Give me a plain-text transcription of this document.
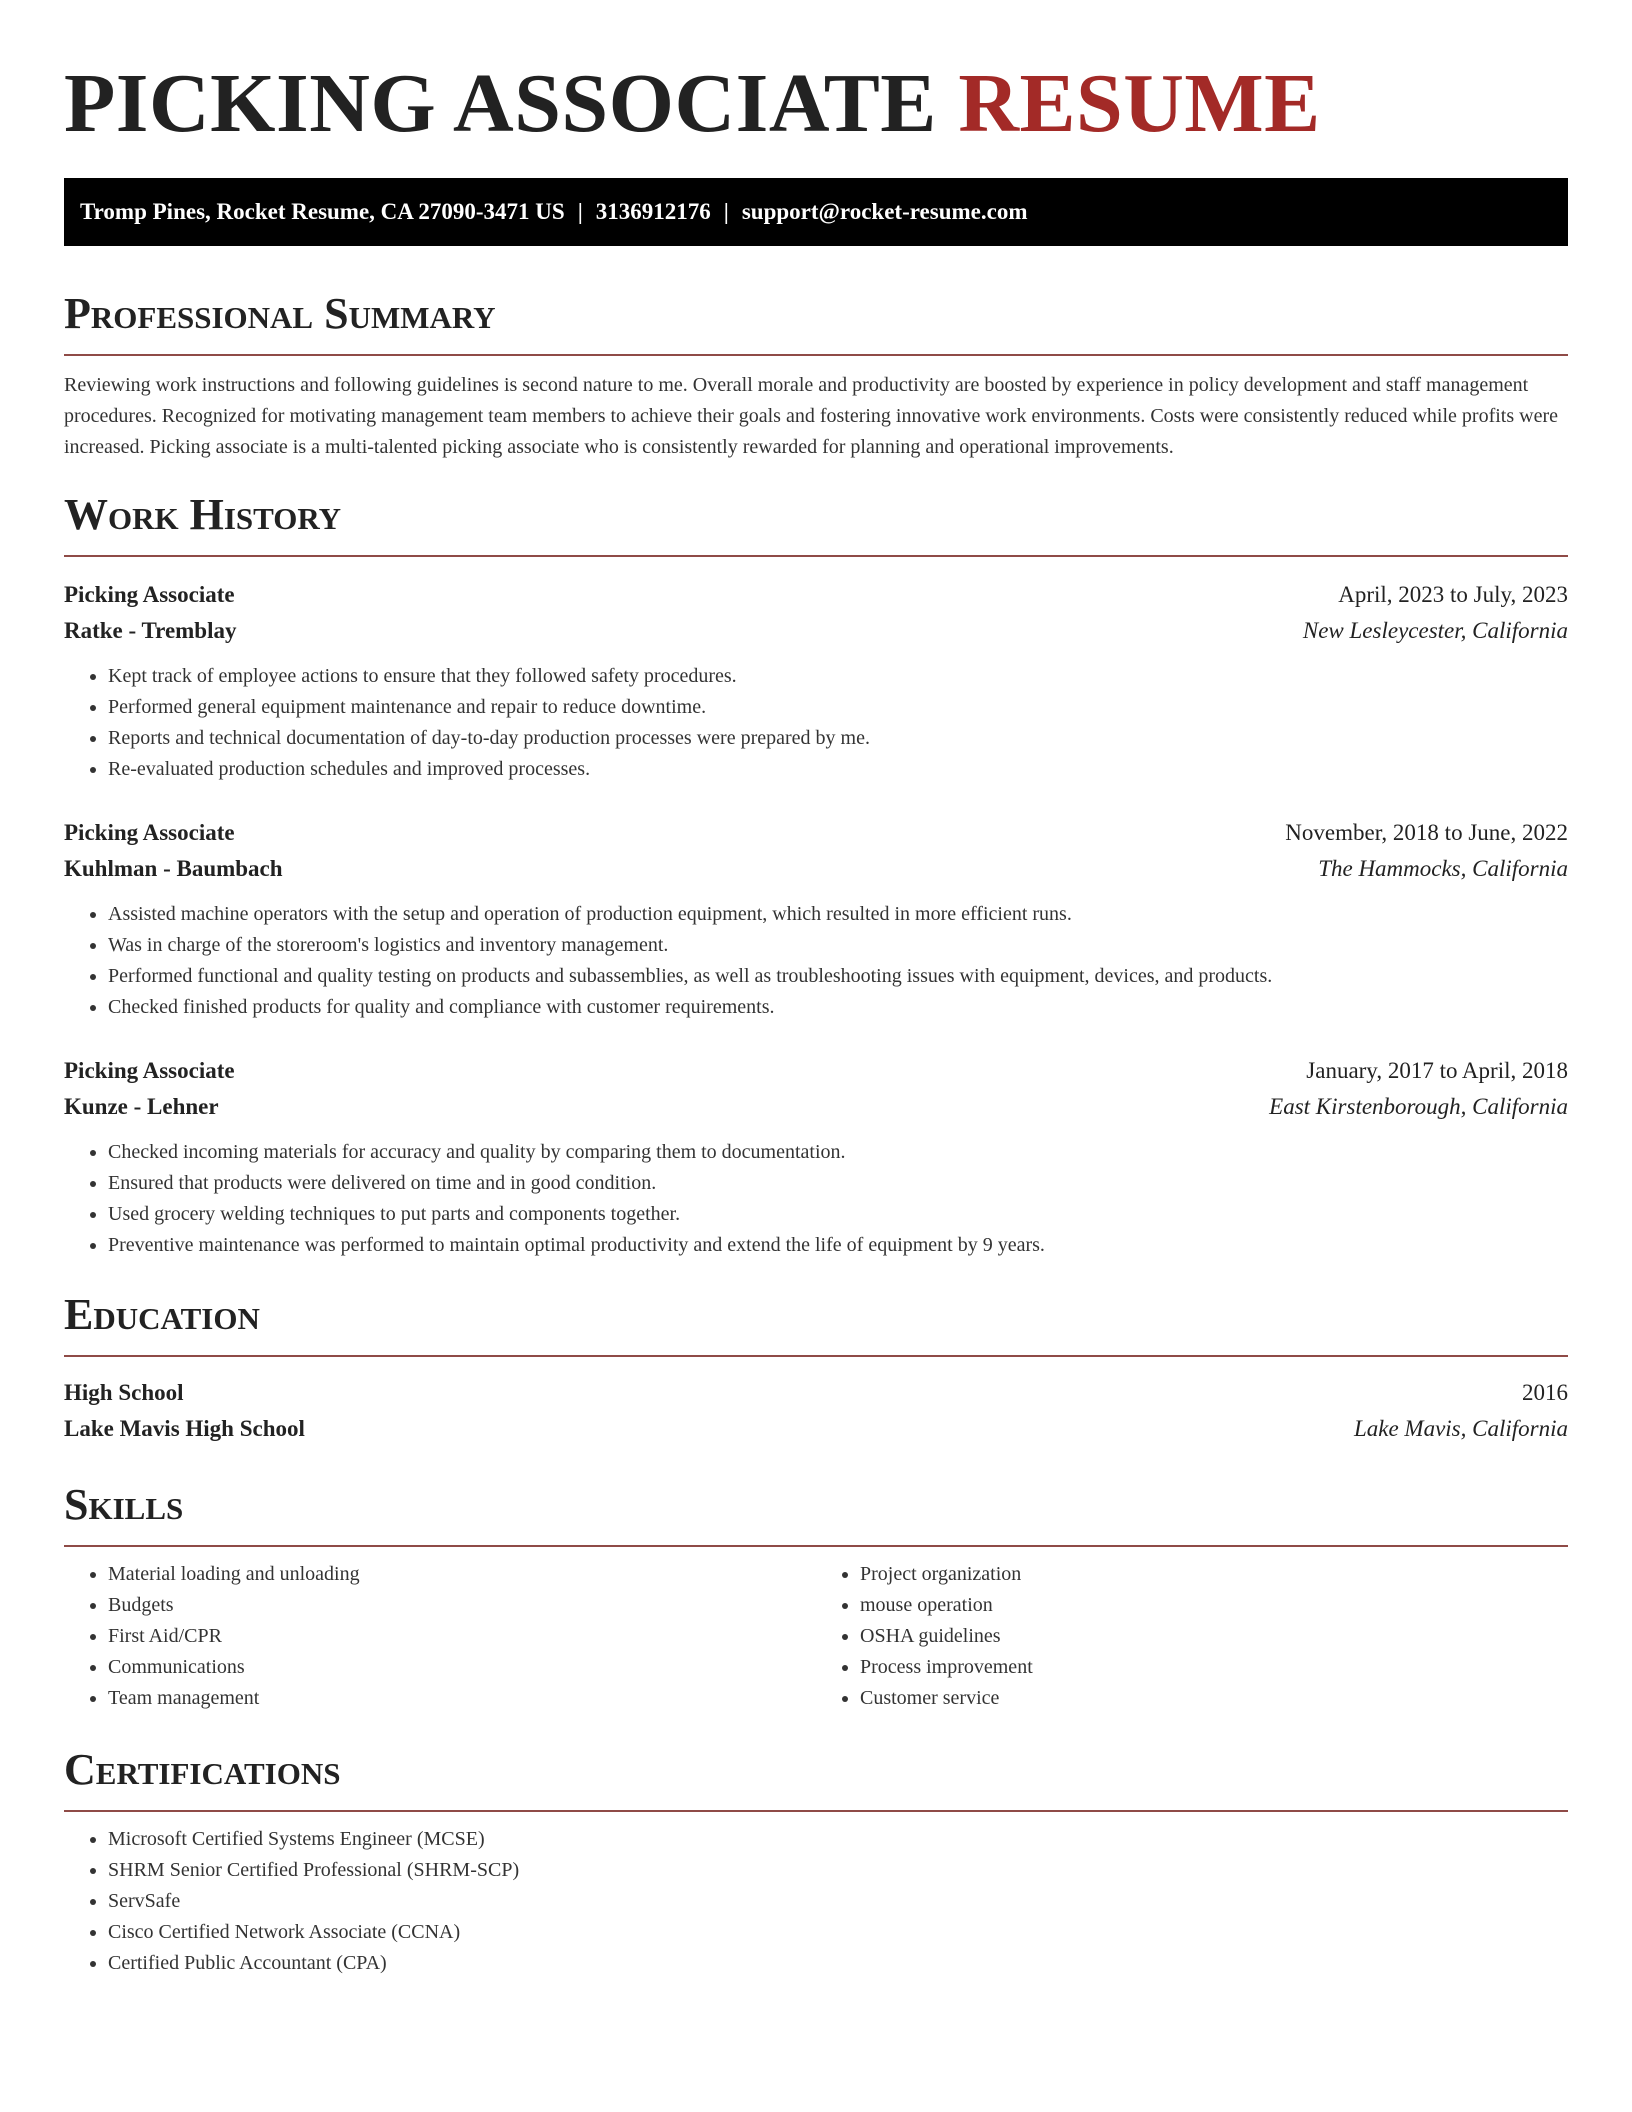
PICKING ASSOCIATE RESUME
Tromp Pines, Rocket Resume, CA 27090-3471 US | 3136912176 | support@rocket-resume.com
Professional Summary

Reviewing work instructions and following guidelines is second nature to me. Overall morale and productivity are boosted by experience in policy development and staff management procedures. Recognized for motivating management team members to achieve their goals and fostering innovative work environments. Costs were consistently reduced while profits were increased. Picking associate is a multi-talented picking associate who is consistently rewarded for planning and operational improvements.

Work History
Picking Associate	April, 2023 to July, 2023
Ratke - Tremblay	New Lesleycester, California
• Kept track of employee actions to ensure that they followed safety procedures.
• Performed general equipment maintenance and repair to reduce downtime.
• Reports and technical documentation of day-to-day production processes were prepared by me.
• Re-evaluated production schedules and improved processes.
Picking Associate	November, 2018 to June, 2022
Kuhlman - Baumbach	The Hammocks, California
• Assisted machine operators with the setup and operation of production equipment, which resulted in more efficient runs.
• Was in charge of the storeroom's logistics and inventory management.
• Performed functional and quality testing on products and subassemblies, as well as troubleshooting issues with equipment, devices, and products.
• Checked finished products for quality and compliance with customer requirements.
Picking Associate	January, 2017 to April, 2018
Kunze - Lehner	East Kirstenborough, California
• Checked incoming materials for accuracy and quality by comparing them to documentation.
• Ensured that products were delivered on time and in good condition.
• Used grocery welding techniques to put parts and components together.
• Preventive maintenance was performed to maintain optimal productivity and extend the life of equipment by 9 years.
Education
High School	2016
Lake Mavis High School	Lake Mavis, California
Skills
• Material loading and unloading
• Budgets
• First Aid/CPR
• Communications
• Team management
• Project organization
• mouse operation
• OSHA guidelines
• Process improvement
• Customer service
Certifications
• Microsoft Certified Systems Engineer (MCSE)
• SHRM Senior Certified Professional (SHRM-SCP)
• ServSafe
• Cisco Certified Network Associate (CCNA)
• Certified Public Accountant (CPA)
